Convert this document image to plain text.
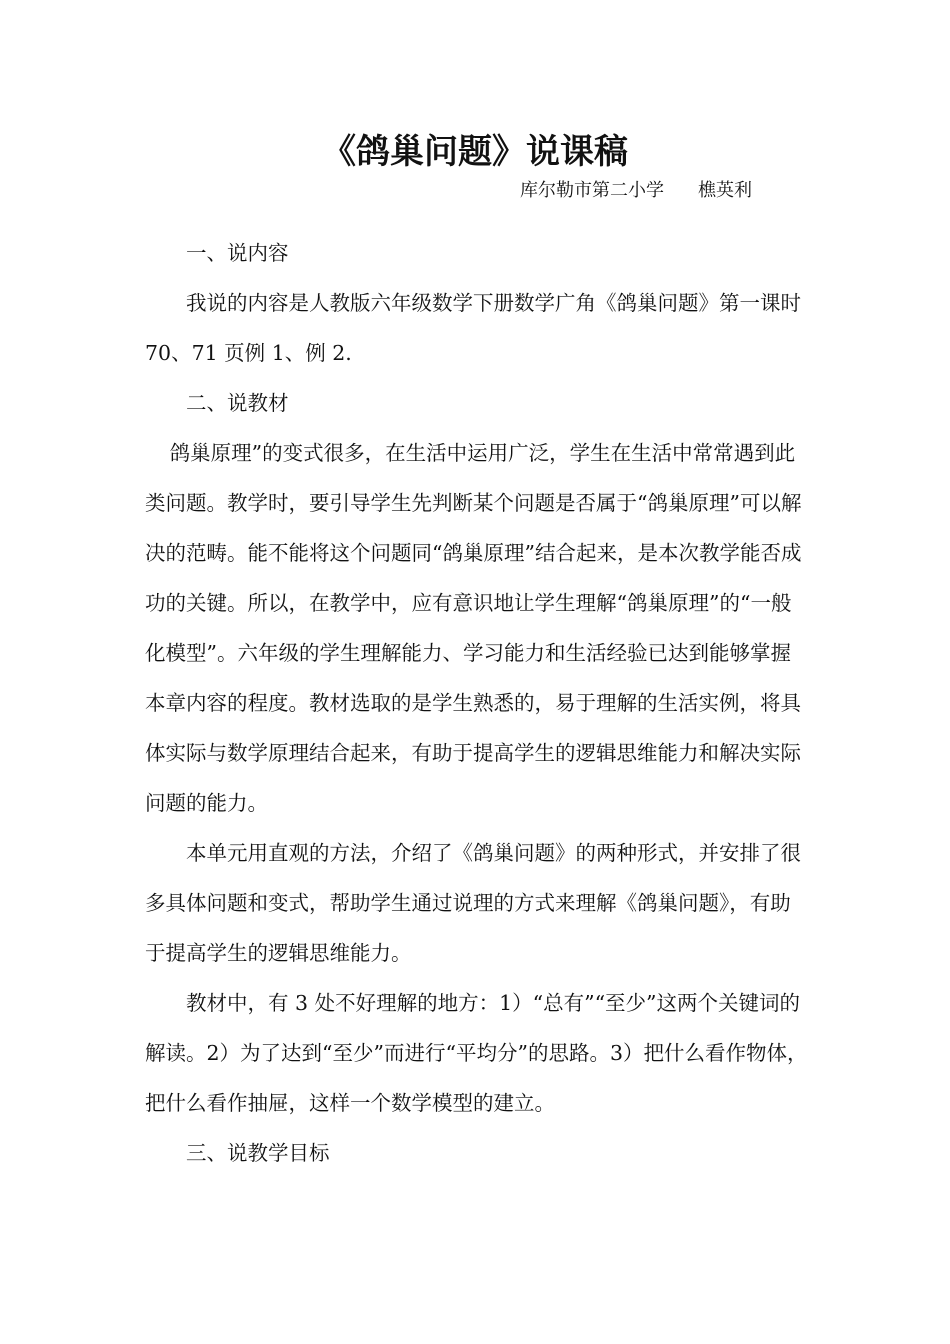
《鸽巢问题》说课稿
库尔勒市第二小学 樵英利

一、说内容

我说的内容是人教版六年级数学下册数学广角《鸽巢问题》第一课时 70、71 页例 1、例 2.

二、说教材

鸽巢原理”的变式很多，在生活中运用广泛，学生在生活中常常遇到此类问题。教学时，要引导学生先判断某个问题是否属于“鸽巢原理”可以解决的范畴。能不能将这个问题同“鸽巢原理”结合起来，是本次教学能否成功的关键。所以，在教学中，应有意识地让学生理解“鸽巢原理”的“一般化模型”。六年级的学生理解能力、学习能力和生活经验已达到能够掌握本章内容的程度。教材选取的是学生熟悉的，易于理解的生活实例，将具体实际与数学原理结合起来，有助于提高学生的逻辑思维能力和解决实际问题的能力。

本单元用直观的方法，介绍了《鸽巢问题》的两种形式，并安排了很多具体问题和变式，帮助学生通过说理的方式来理解《鸽巢问题》，有助于提高学生的逻辑思维能力。

教材中，有 3 处不好理解的地方：1）“总有”“至少”这两个关键词的解读。2）为了达到“至少”而进行“平均分”的思路。3）把什么看作物体，把什么看作抽屉，这样一个数学模型的建立。

三、说教学目标
